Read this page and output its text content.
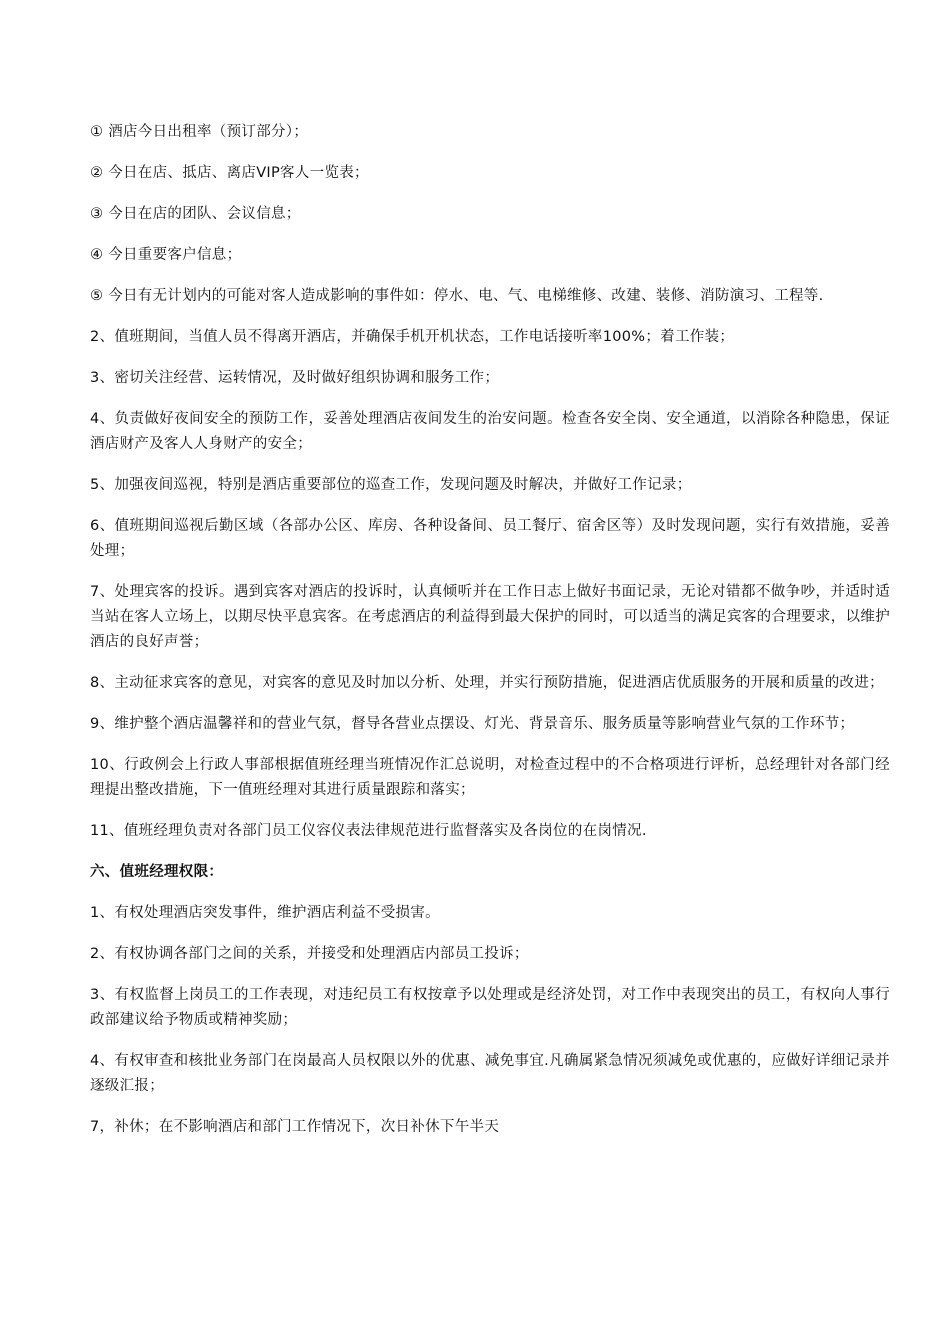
① 酒店今日出租率（预订部分）；

② 今日在店、抵店、离店VIP客人一览表；

③ 今日在店的团队、会议信息；

④ 今日重要客户信息；

⑤ 今日有无计划内的可能对客人造成影响的事件如：停水、电、气、电梯维修、改建、装修、消防演习、工程等.

2、值班期间，当值人员不得离开酒店，并确保手机开机状态，工作电话接听率100%；着工作装；

3、密切关注经营、运转情况，及时做好组织协调和服务工作；

4、负责做好夜间安全的预防工作，妥善处理酒店夜间发生的治安问题。检查各安全岗、安全通道，以消除各种隐患，保证酒店财产及客人人身财产的安全；

5、加强夜间巡视，特别是酒店重要部位的巡查工作，发现问题及时解决，并做好工作记录；

6、值班期间巡视后勤区域（各部办公区、库房、各种设备间、员工餐厅、宿舍区等）及时发现问题，实行有效措施，妥善处理；

7、处理宾客的投诉。遇到宾客对酒店的投诉时，认真倾听并在工作日志上做好书面记录，无论对错都不做争吵，并适时适当站在客人立场上，以期尽快平息宾客。在考虑酒店的利益得到最大保护的同时，可以适当的满足宾客的合理要求，以维护酒店的良好声誉；

8、主动征求宾客的意见，对宾客的意见及时加以分析、处理，并实行预防措施，促进酒店优质服务的开展和质量的改进；

9、维护整个酒店温馨祥和的营业气氛，督导各营业点摆设、灯光、背景音乐、服务质量等影响营业气氛的工作环节；

10、行政例会上行政人事部根据值班经理当班情况作汇总说明，对检查过程中的不合格项进行评析，总经理针对各部门经理提出整改措施，下一值班经理对其进行质量跟踪和落实；

11、值班经理负责对各部门员工仪容仪表法律规范进行监督落实及各岗位的在岗情况.

六、值班经理权限：

1、有权处理酒店突发事件，维护酒店利益不受损害。

2、有权协调各部门之间的关系，并接受和处理酒店内部员工投诉；

3、有权监督上岗员工的工作表现，对违纪员工有权按章予以处理或是经济处罚，对工作中表现突出的员工，有权向人事行政部建议给予物质或精神奖励；

4、有权审查和核批业务部门在岗最高人员权限以外的优惠、减免事宜.凡确属紧急情况须减免或优惠的，应做好详细记录并逐级汇报；

7，补休；在不影响酒店和部门工作情况下，次日补休下午半天
